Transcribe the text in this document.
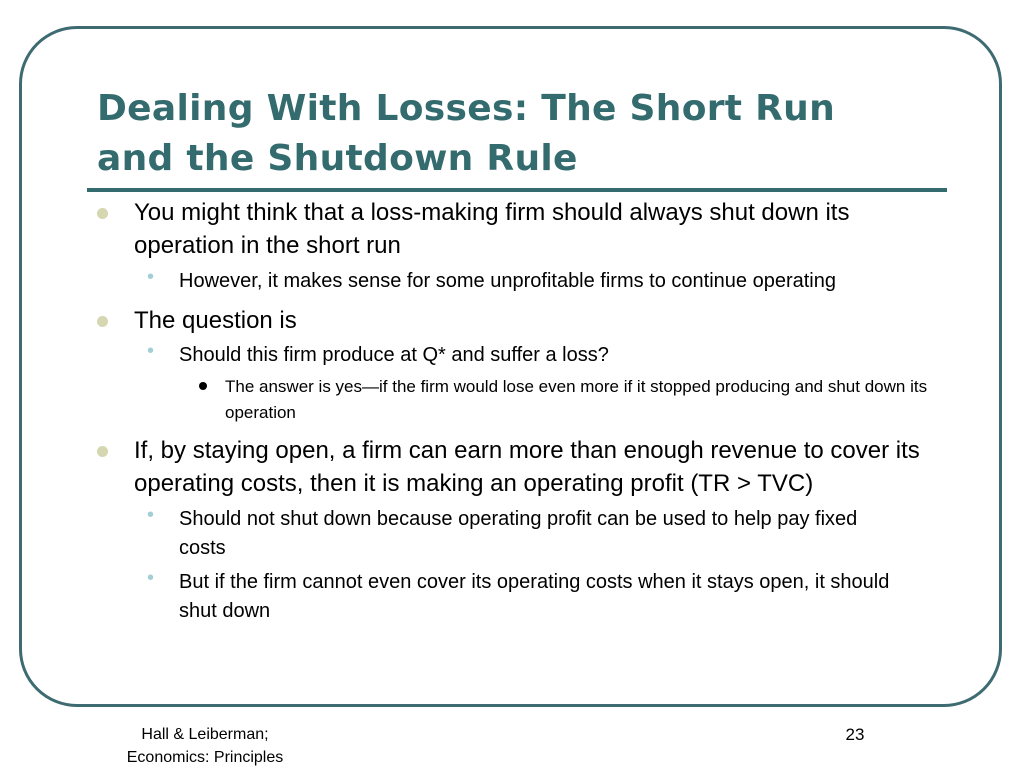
Dealing With Losses: The Short Run
and the Shutdown Rule
You might think that a loss-making firm should always shut down its operation in the short run
• However, it makes sense for some unprofitable firms to continue operating
The question is
• Should this firm produce at Q* and suffer a loss?
The answer is yes—if the firm would lose even more if it stopped producing and shut down its operation
If, by staying open, a firm can earn more than enough revenue to cover its operating costs, then it is making an operating profit (TR > TVC)
• Should not shut down because operating profit can be used to help pay fixed costs
• But if the firm cannot even cover its operating costs when it stays open, it should shut down
Hall & Leiberman;
Economics: Principles
23
